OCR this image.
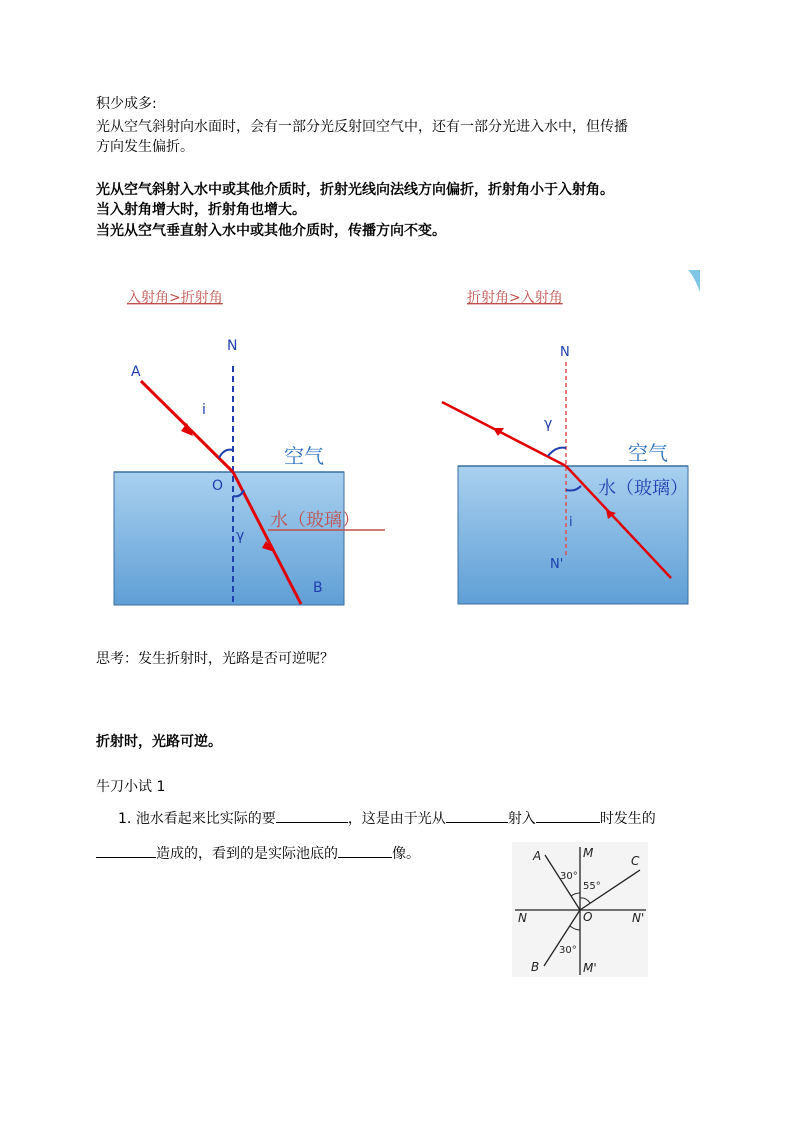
积少成多:
光从空气斜射向水面时，会有一部分光反射回空气中，还有一部分光进入水中，但传播
方向发生偏折。
光从空气斜射入水中或其他介质时，折射光线向法线方向偏折，折射角小于入射角。
当入射角增大时，折射角也增大。
当光从空气垂直射入水中或其他介质时，传播方向不变。
入射角>折射角
N
A
i
空气
O
水（玻璃）
γ
B
折射角>入射角
N
γ
空气
水（玻璃）
i
N'
思考：发生折射时，光路是否可逆呢？
折射时，光路可逆。
牛刀小试 1
1. 池水看起来比实际的要	，这是由于光从	射入	时发生的
造成的，看到的是实际池底的	像。	A	M
C
30°
55°
N	O	N'
30°
B	M'
